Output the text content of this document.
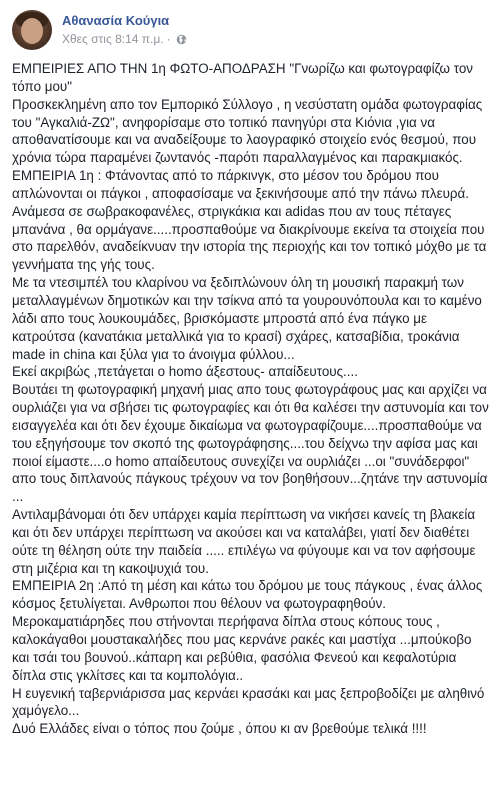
Αθανασία Κούγια
Χθες στις 8:14 π.μ. ·

ΕΜΠΕΙΡΙΕΣ ΑΠΟ ΤΗΝ 1η ΦΩΤΟ-ΑΠΟΔΡΑΣΗ "Γνωρίζω και φωτογραφίζω τον τόπο μου"

Προσκεκλημένη απο τον Εμπορικό Σύλλογο , η νεσύστατη ομάδα φωτογραφίας του "Αγκαλιά-ΖΩ", ανηφορίσαμε στο τοπικό πανηγύρι στα Κιόνια ,για να αποθανατίσουμε και να αναδείξουμε το λαογραφικό στοιχείο ενός θεσμού, που χρόνια τώρα παραμένει ζωντανός -παρότι παραλλαγμένος και παρακμιακός.

ΕΜΠΕΙΡΙΑ 1η : Φτάνοντας από το πάρκινγκ, στο μέσον του δρόμου που απλώνονται οι πάγκοι , αποφασίσαμε να ξεκινήσουμε από την πάνω πλευρά. Ανάμεσα σε σωβρακοφανέλες, στριγκάκια και adidas που αν τους πέταγες μπανάνα , θα ορμάγανε.....προσπαθούμε να διακρίνουμε εκείνα τα στοιχεία που στο παρελθόν, αναδείκνυαν την ιστορία της περιοχής και τον τοπικό μόχθο με τα γεννήματα της γής τους.

Με τα ντεσιμπέλ του κλαρίνου να ξεδιπλώνουν όλη τη μουσική παρακμή των μεταλλαγμένων δημοτικών και την τσίκνα από τα γουρουνόπουλα και το καμένο λάδι απο τους λουκουμάδες, βρισκόμαστε μπροστά από ένα πάγκο με κατρούτσα (κανατάκια μεταλλικά για το κρασί) σχάρες, κατσαβίδια, τροκάνια made in china και ξύλα για το άνοιγμα φύλλου...

Εκεί ακριβώς ,πετάγεται ο homo άξεστους- απαίδευτους....

Βουτάει τη φωτογραφική μηχανή μιας απο τους φωτογράφους μας και αρχίζει να ουρλιάζει για να σβήσει τις φωτογραφίες και ότι θα καλέσει την αστυνομία και τον εισαγγελέα και ότι δεν έχουμε δικαίωμα να φωτογραφίζουμε....προσπαθούμε να του εξηγήσουμε τον σκοπό της φωτογράφησης....του δείχνω την αφίσα μας και ποιοί είμαστε....ο homo απαίδευτους συνεχίζει να ουρλιάζει ...οι "συνάδερφοι" απο τους διπλανούς πάγκους τρέχουν να τον βοηθήσουν...ζητάνε την αστυνομία ...

Αντιλαμβάνομαι ότι δεν υπάρχει καμία περίπτωση να νικήσει κανείς τη βλακεία και ότι δεν υπάρχει περίπτωση να ακούσει και να καταλάβει, γιατί δεν διαθέτει ούτε τη θέληση ούτε την παιδεία ..... επιλέγω να φύγουμε και να τον αφήσουμε στη μιζέρια και τη κακοψυχιά του.

ΕΜΠΕΙΡΙΑ 2η :Από τη μέση και κάτω του δρόμου με τους πάγκους , ένας άλλος κόσμος ξετυλίγεται. Ανθρωποι που θέλουν να φωτογραφηθούν. Μεροκαματιάρηδες που στήνονται περήφανα δίπλα στους κόπους τους , καλοκάγαθοι μουστακαλήδες που μας κερνάνε ρακές και μαστίχα ...μπούκοβο και τσάι του βουνού..κάπαρη και ρεβύθια, φασόλια Φενεού και κεφαλοτύρια δίπλα στις γκλίτσες και τα κομπολόγια..

Η ευγενική ταβερνιάρισσα μας κερνάει κρασάκι και μας ξεπροβοδίζει με αληθινό χαμόγελο...

Δυό Ελλάδες είναι ο τόπος που ζούμε , όπου κι αν βρεθούμε τελικά !!!!
